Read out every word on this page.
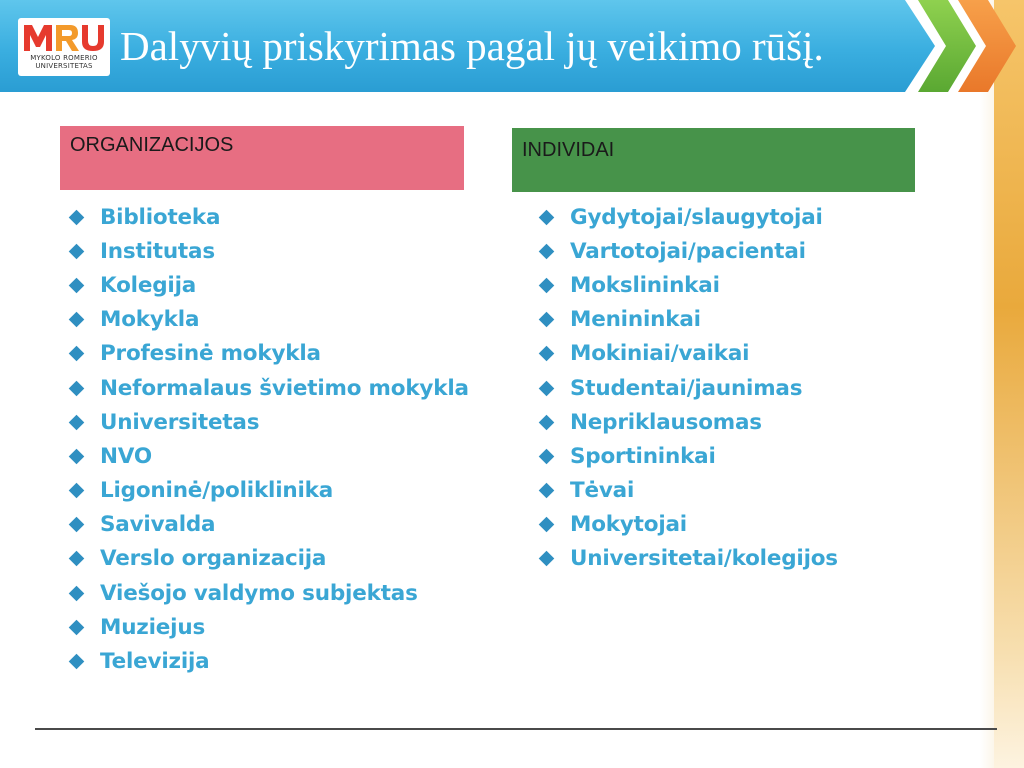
MYKOLO ROMERIO
UNIVERSITETAS Dalyvių priskyrimas pagal jų veikimo rūšį.
ORGANIZACIJOS	INDIVIDAI
Biblioteka
Institutas
Kolegija
Mokykla
Profesinė mokykla
Neformalaus švietimo mokykla
Universitetas
NVO
Ligoninė/poliklinika
Savivalda
Verslo organizacija
Viešojo valdymo subjektas
Muziejus
Televizija
Gydytojai/slaugytojai
Vartotojai/pacientai
Mokslininkai
Menininkai
Mokiniai/vaikai
Studentai/jaunimas
Nepriklausomas
Sportininkai
Tėvai
Mokytojai
Universitetai/kolegijos
